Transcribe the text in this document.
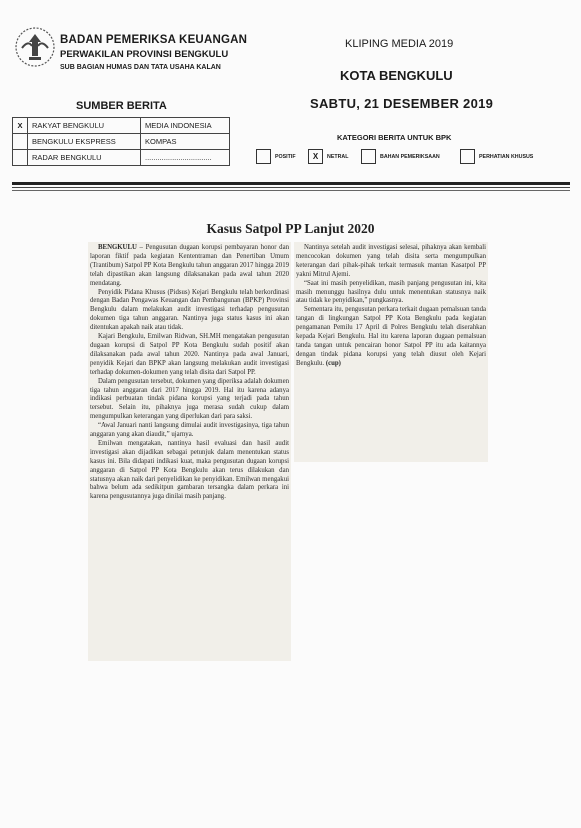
BADAN PEMERIKSA KEUANGAN
PERWAKILAN PROVINSI BENGKULU
SUB BAGIAN HUMAS DAN TATA USAHA KALAN
KLIPING MEDIA 2019
KOTA BENGKULU
SABTU, 21 DESEMBER 2019
SUMBER BERITA
X	RAKYAT BENGKULU	MEDIA INDONESIA
	BENGKULU EKSPRESS	KOMPAS
	RADAR BENGKULU	................................
KATEGORI BERITA UNTUK BPK
POSITIF	X	NETRAL	BAHAN PEMERIKSAAN	PERHATIAN KHUSUS
Kasus Satpol PP Lanjut 2020

BENGKULU – Pengusutan dugaan korupsi pembayaran honor dan laporan fiktif pada kegiatan Kententraman dan Penertiban Umum (Trantibum) Satpol PP Kota Bengkulu tahun anggaran 2017 hingga 2019 telah dipastikan akan langsung dilaksanakan pada awal tahun 2020 mendatang.

Penyidik Pidana Khusus (Pidsus) Kejari Bengkulu telah berkordinasi dengan Badan Pengawas Keuangan dan Pembangunan (BPKP) Provinsi Bengkulu dalam melakukan audit investigasi terhadap pengusutan dokumen tiga tahun anggaran. Nantinya juga status kasus ini akan ditentukan apakah naik atau tidak.

Kajari Bengkulu, Emilwan Ridwan, SH.MH mengatakan pengusutan dugaan korupsi di Satpol PP Kota Bengkulu sudah positif akan dilaksanakan pada awal tahun 2020. Nantinya pada awal Januari, penyidik Kejari dan BPKP akan langsung melakukan audit investigasi terhadap dokumen-dokumen yang telah disita dari Satpol PP.

Dalam pengusutan tersebut, dokumen yang diperiksa adalah dokumen tiga tahun anggaran dari 2017 hingga 2019. Hal itu karena adanya indikasi perbuatan tindak pidana korupsi yang terjadi pada tahun tersebut. Selain itu, pihaknya juga merasa sudah cukup dalam mengumpulkan keterangan yang diperlukan dari para saksi.

“Awal Januari nanti langsung dimulai audit investigasinya, tiga tahun anggaran yang akan diaudit,” ujarnya.

Emilwan mengatakan, nantinya hasil evaluasi dan hasil audit investigasi akan dijadikan sebagai petunjuk dalam menentukan status kasus ini. Bila didapati indikasi kuat, maka pengusutan dugaan korupsi anggaran di Satpol PP Kota Bengkulu akan terus dilakukan dan statusnya akan naik dari penyelidikan ke penyidikan. Emilwan mengakui bahwa belum ada sedikitpun gambaran tersangka dalam perkara ini karena pengusutannya juga dinilai masih panjang.

Nantinya setelah audit investigasi selesai, pihaknya akan kembali mencocokan dokumen yang telah disita serta mengumpulkan keterangan dari pihak-pihak terkait termasuk mantan Kasatpol PP yakni Mitrul Ajemi.

“Saat ini masih penyelidikan, masih panjang pengusutan ini, kita masih menunggu hasilnya dulu untuk menentukan statusnya naik atau tidak ke penyidikan,” pungkasnya.

Sementara itu, pengusutan perkara terkait dugaan pemalsuan tanda tangan di lingkungan Satpol PP Kota Bengkulu pada kegiatan pengamanan Pemilu 17 April di Polres Bengkulu telah diserahkan kepada Kejari Bengkulu. Hal itu karena laporan dugaan pemalsuan tanda tangan untuk pencairan honor Satpol PP itu ada kaitannya dengan tindak pidana korupsi yang telah diusut oleh Kejari Bengkulu. (cup)
